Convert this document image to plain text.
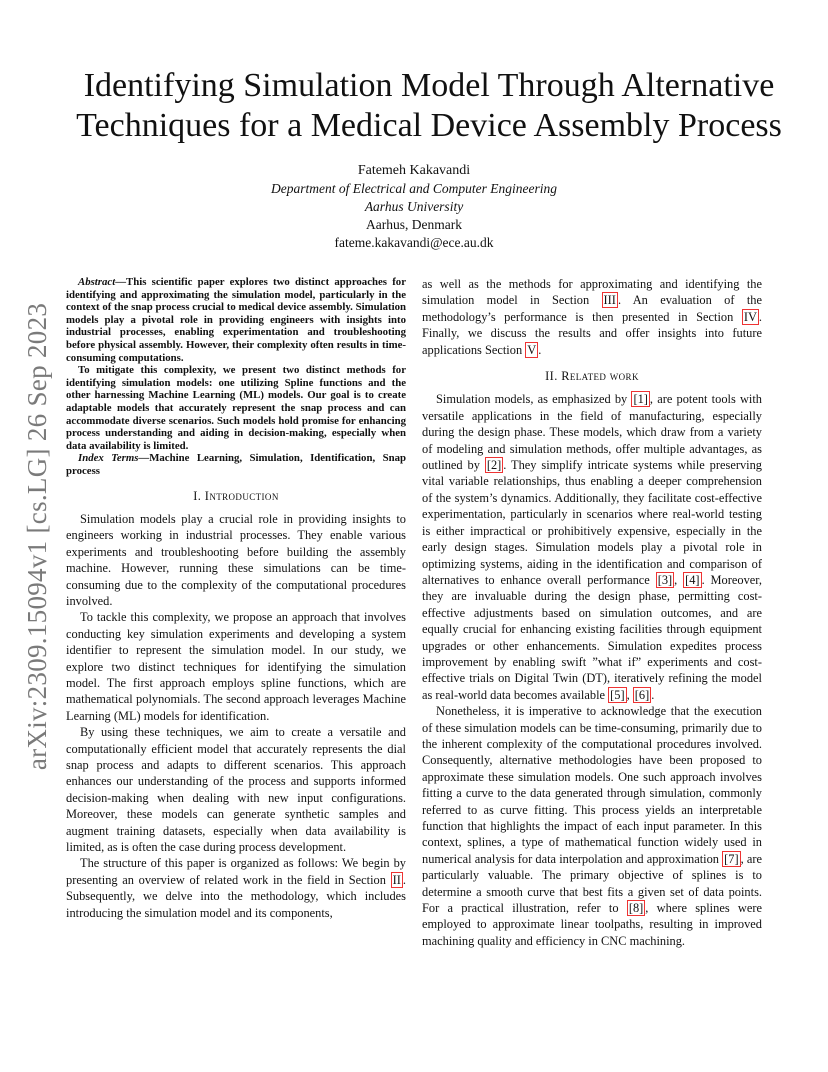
arXiv:2309.15094v1 [cs.LG] 26 Sep 2023
Identifying Simulation Model Through Alternative
Techniques for a Medical Device Assembly Process
Fatemeh Kakavandi
Department of Electrical and Computer Engineering
Aarhus University
Aarhus, Denmark
fateme.kakavandi@ece.au.dk

Abstract—This scientific paper explores two distinct approaches for identifying and approximating the simulation model, particularly in the context of the snap process crucial to medical device assembly. Simulation models play a pivotal role in providing engineers with insights into industrial processes, enabling experimentation and troubleshooting before physical assembly. However, their complexity often results in time-consuming computations.

To mitigate this complexity, we present two distinct methods for identifying simulation models: one utilizing Spline functions and the other harnessing Machine Learning (ML) models. Our goal is to create adaptable models that accurately represent the snap process and can accommodate diverse scenarios. Such models hold promise for enhancing process understanding and aiding in decision-making, especially when data availability is limited.

Index Terms—Machine Learning, Simulation, Identification, Snap process

I. Introduction

Simulation models play a crucial role in providing insights to engineers working in industrial processes. They enable various experiments and troubleshooting before building the assembly machine. However, running these simulations can be time-consuming due to the complexity of the computational procedures involved.

To tackle this complexity, we propose an approach that involves conducting key simulation experiments and developing a system identifier to represent the simulation model. In our study, we explore two distinct techniques for identifying the simulation model. The first approach employs spline functions, which are mathematical polynomials. The second approach leverages Machine Learning (ML) models for identification.

By using these techniques, we aim to create a versatile and computationally efficient model that accurately represents the dial snap process and adapts to different scenarios. This approach enhances our understanding of the process and supports informed decision-making when dealing with new input configurations. Moreover, these models can generate synthetic samples and augment training datasets, especially when data availability is limited, as is often the case during process development.

The structure of this paper is organized as follows: We begin by presenting an overview of related work in the field in Section II . Subsequently, we delve into the methodology, which includes introducing the simulation model and its components,

as well as the methods for approximating and identifying the simulation model in Section III . An evaluation of the methodology’s performance is then presented in Section IV . Finally, we discuss the results and offer insights into future applications Section V .

II. Related work

Simulation models, as emphasized by [1] , are potent tools with versatile applications in the field of manufacturing, especially during the design phase. These models, which draw from a variety of modeling and simulation methods, offer multiple advantages, as outlined by [2] . They simplify intricate systems while preserving vital variable relationships, thus enabling a deeper comprehension of the system’s dynamics. Additionally, they facilitate cost-effective experimentation, particularly in scenarios where real-world testing is either impractical or prohibitively expensive, especially in the early design stages. Simulation models play a pivotal role in optimizing systems, aiding in the identification and comparison of alternatives to enhance overall performance [3] , [4] . Moreover, they are invaluable during the design phase, permitting cost-effective adjustments based on simulation outcomes, and are equally crucial for enhancing existing facilities through equipment upgrades or other enhancements. Simulation expedites process improvement by enabling swift ”what if” experiments and cost-effective trials on Digital Twin (DT), iteratively refining the model as real-world data becomes available [5] , [6] .

Nonetheless, it is imperative to acknowledge that the execution of these simulation models can be time-consuming, primarily due to the inherent complexity of the computational procedures involved. Consequently, alternative methodologies have been proposed to approximate these simulation models. One such approach involves fitting a curve to the data generated through simulation, commonly referred to as curve fitting. This process yields an interpretable function that highlights the impact of each input parameter. In this context, splines, a type of mathematical function widely used in numerical analysis for data interpolation and approximation [7] , are particularly valuable. The primary objective of splines is to determine a smooth curve that best fits a given set of data points. For a practical illustration, refer to [8] , where splines were employed to approximate linear toolpaths, resulting in improved machining quality and efficiency in CNC machining.
